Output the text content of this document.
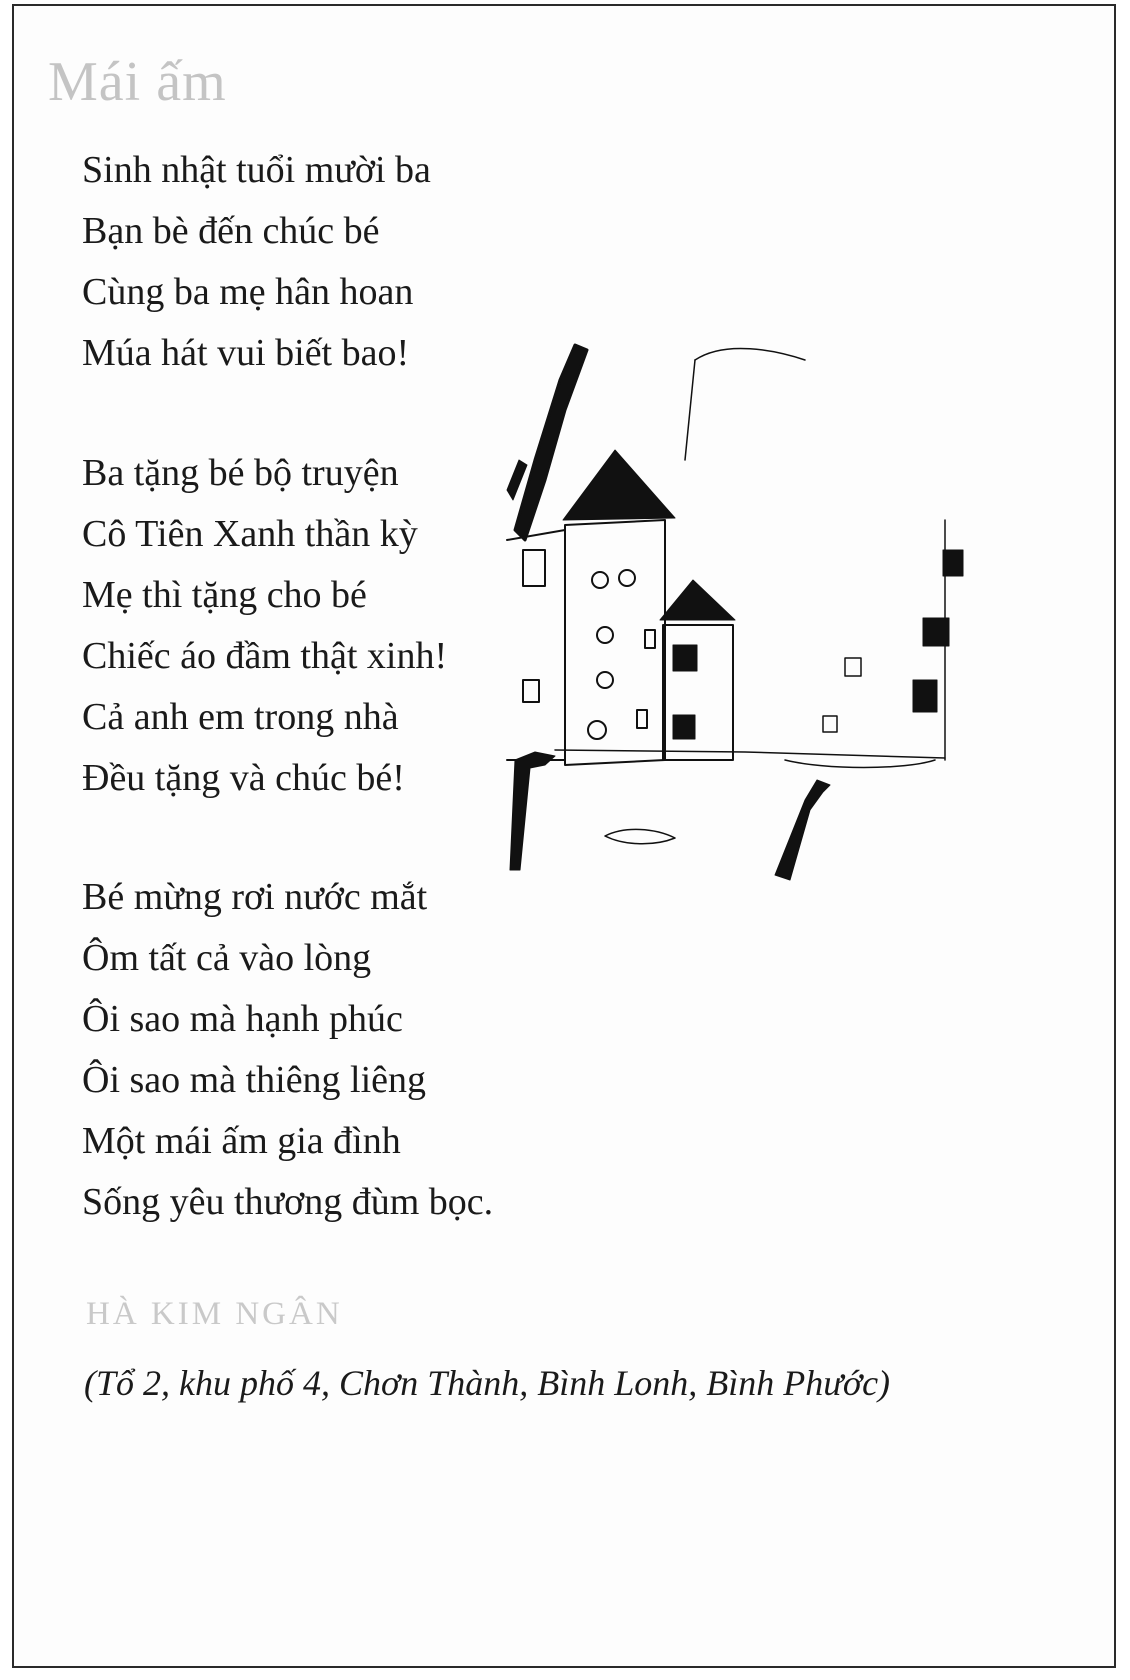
Mái ấm
Sinh nhật tuổi mười ba
Bạn bè đến chúc bé
Cùng ba mẹ hân hoan
Múa hát vui biết bao!
Ba tặng bé bộ truyện
Cô Tiên Xanh thần kỳ
Mẹ thì tặng cho bé
Chiếc áo đầm thật xinh!
Cả anh em trong nhà
Đều tặng và chúc bé!
Bé mừng rơi nước mắt
Ôm tất cả vào lòng
Ôi sao mà hạnh phúc
Ôi sao mà thiêng liêng
Một mái ấm gia đình
Sống yêu thương đùm bọc.

HÀ KIM NGÂN

(Tổ 2, khu phố 4, Chơn Thành, Bình Lonh, Bình Phước)
